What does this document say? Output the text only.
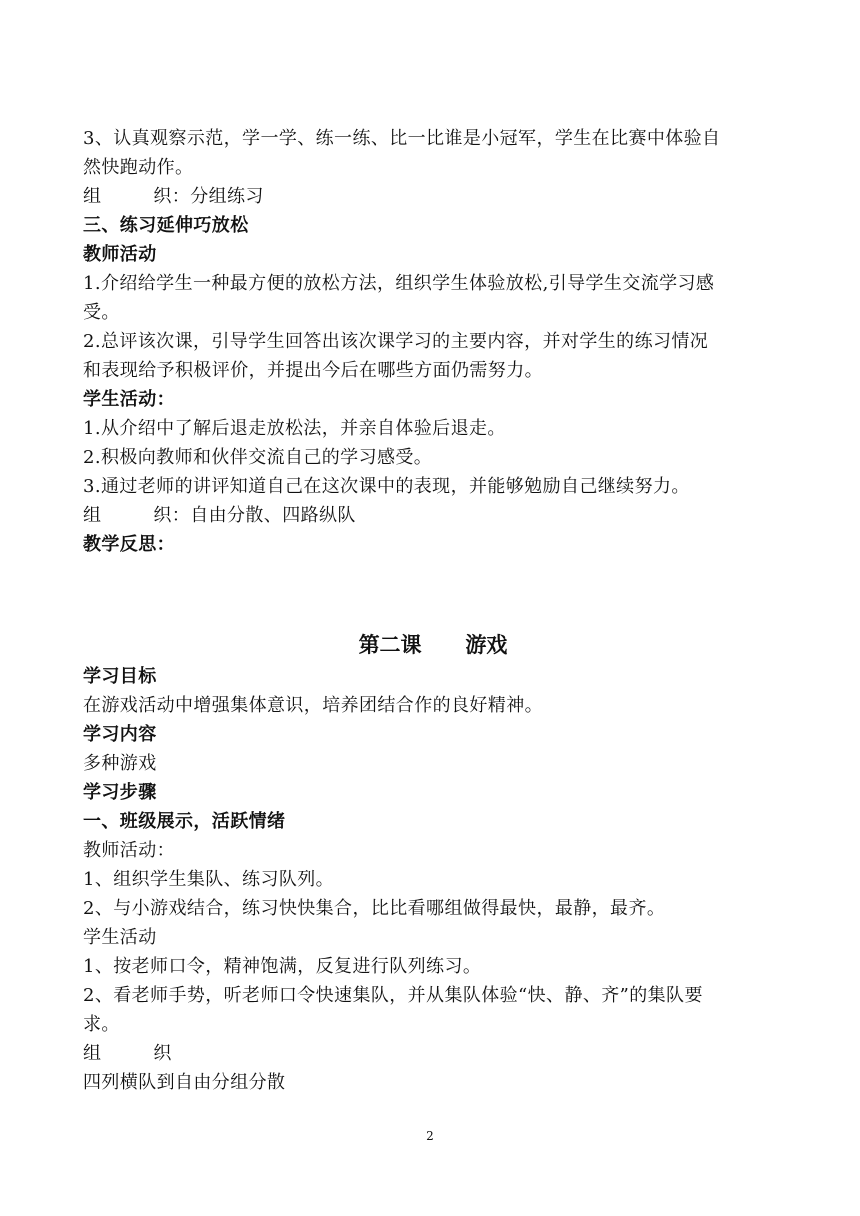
3、认真观察示范，学一学、练一练、比一比谁是小冠军，学生在比赛中体验自
然快跑动作。
组	织：分组练习
三、练习延伸巧放松
教师活动
1.介绍给学生一种最方便的放松方法，组织学生体验放松,引导学生交流学习感
受。
2.总评该次课，引导学生回答出该次课学习的主要内容，并对学生的练习情况
和表现给予积极评价，并提出今后在哪些方面仍需努力。
学生活动：
1.从介绍中了解后退走放松法，并亲自体验后退走。
2.积极向教师和伙伴交流自己的学习感受。
3.通过老师的讲评知道自己在这次课中的表现，并能够勉励自己继续努力。
组	织：自由分散、四路纵队
教学反思：
第二课      游戏
学习目标
在游戏活动中增强集体意识，培养团结合作的良好精神。
学习内容
多种游戏
学习步骤
一、班级展示，活跃情绪
教师活动：
1、组织学生集队、练习队列。
2、与小游戏结合，练习快快集合，比比看哪组做得最快，最静，最齐。
学生活动
1、按老师口令，精神饱满，反复进行队列练习。
2、看老师手势，听老师口令快速集队，并从集队体验“快、静、齐”的集队要
求。
组	织
四列横队到自由分组分散
2
